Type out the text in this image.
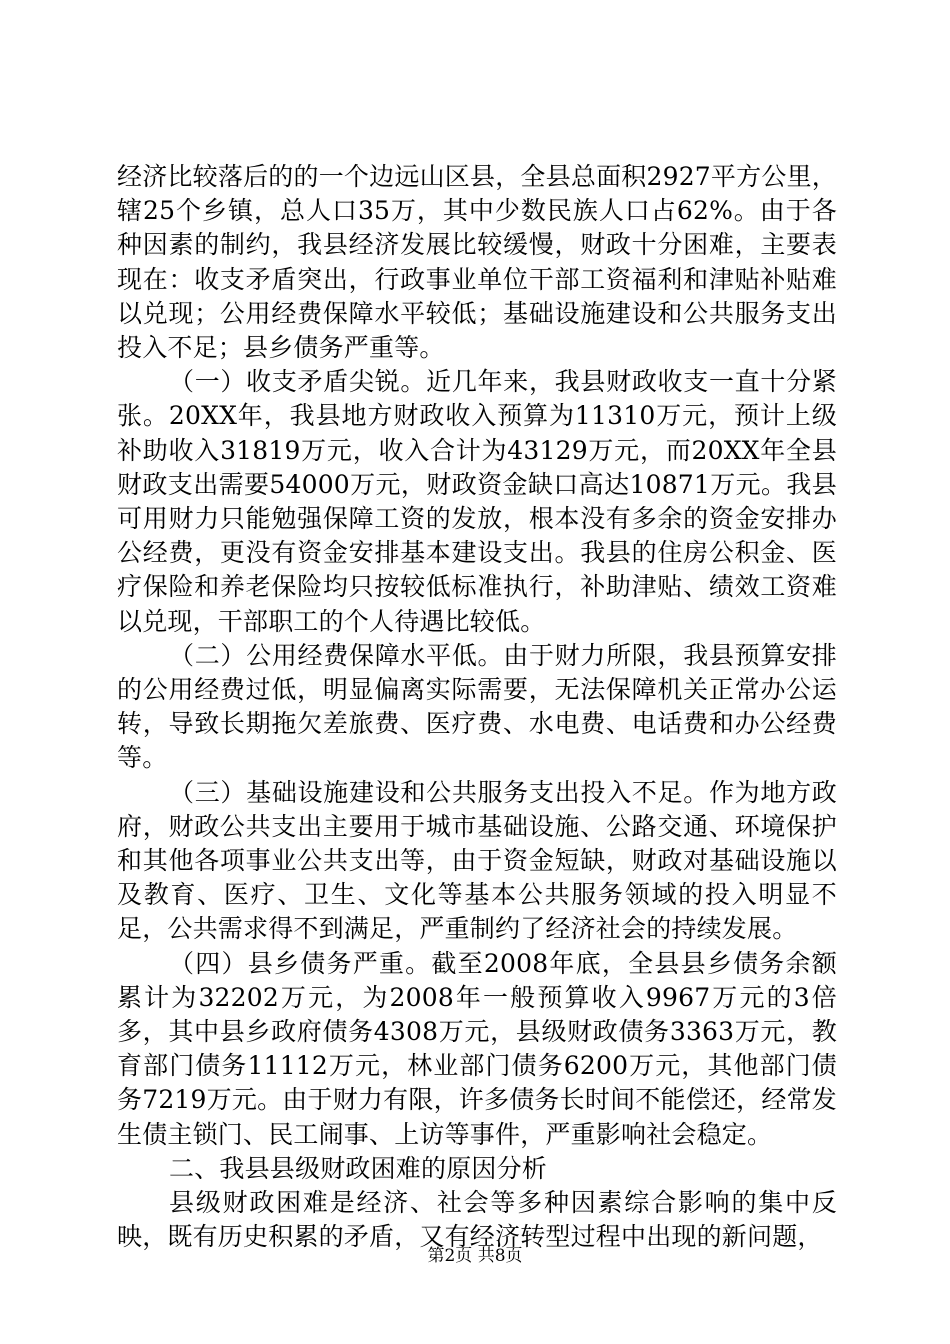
经济比较落后的的一个边远山区县，全县总面积2927平方公里，辖25个乡镇，总人口35万，其中少数民族人口占62%。由于各种因素的制约，我县经济发展比较缓慢，财政十分困难，主要表现在：收支矛盾突出，行政事业单位干部工资福利和津贴补贴难以兑现；公用经费保障水平较低；基础设施建设和公共服务支出投入不足；县乡债务严重等。

（一）收支矛盾尖锐。近几年来，我县财政收支一直十分紧张。20XX年，我县地方财政收入预算为11310万元，预计上级补助收入31819万元，收入合计为43129万元，而20XX年全县财政支出需要54000万元，财政资金缺口高达10871万元。我县可用财力只能勉强保障工资的发放，根本没有多余的资金安排办公经费，更没有资金安排基本建设支出。我县的住房公积金、医疗保险和养老保险均只按较低标准执行，补助津贴、绩效工资难以兑现，干部职工的个人待遇比较低。

（二）公用经费保障水平低。由于财力所限，我县预算安排的公用经费过低，明显偏离实际需要，无法保障机关正常办公运转，导致长期拖欠差旅费、医疗费、水电费、电话费和办公经费等。

（三）基础设施建设和公共服务支出投入不足。作为地方政府，财政公共支出主要用于城市基础设施、公路交通、环境保护和其他各项事业公共支出等，由于资金短缺，财政对基础设施以及教育、医疗、卫生、文化等基本公共服务领域的投入明显不足，公共需求得不到满足，严重制约了经济社会的持续发展。

（四）县乡债务严重。截至2008年底，全县县乡债务余额累计为32202万元，为2008年一般预算收入9967万元的3倍多，其中县乡政府债务4308万元，县级财政债务3363万元，教育部门债务11112万元，林业部门债务6200万元，其他部门债务7219万元。由于财力有限，许多债务长时间不能偿还，经常发生债主锁门、民工闹事、上访等事件，严重影响社会稳定。

二、我县县级财政困难的原因分析

县级财政困难是经济、社会等多种因素综合影响的集中反映，既有历史积累的矛盾，又有经济转型过程中出现的新问题，

第2页 共8页
